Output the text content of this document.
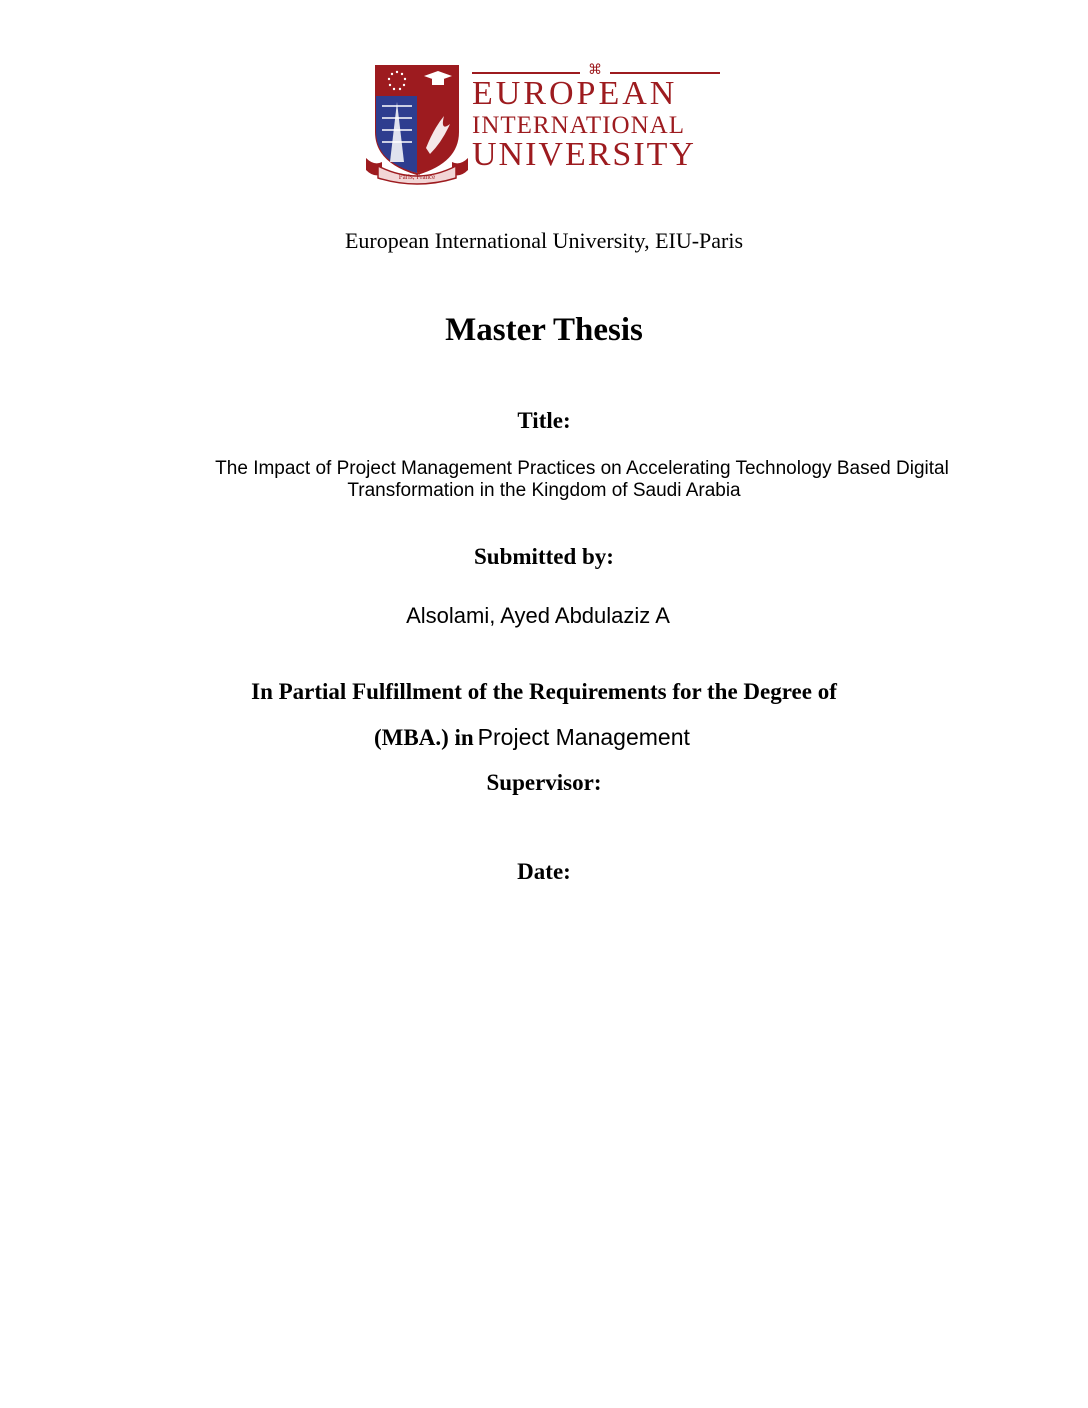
Paris, France
⌘
EUROPEAN
INTERNATIONAL
UNIVERSITY
European International University, EIU-Paris
Master Thesis
Title:
The Impact of Project Management Practices on Accelerating Technology Based Digital
Transformation in the Kingdom of Saudi Arabia
Submitted by:
Alsolami, Ayed Abdulaziz A
In Partial Fulfillment of the Requirements for the Degree of
(MBA.) in Project Management
Supervisor:
Date:
